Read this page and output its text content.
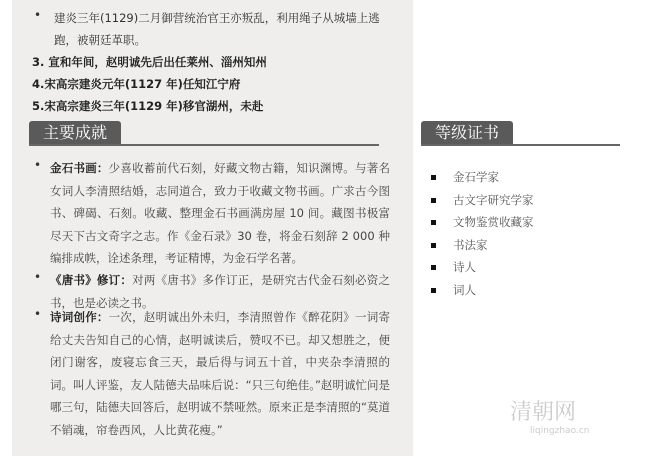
• 建炎三年(1129)二月御营统治官王亦叛乱，利用绳子从城墙上逃
跑，被朝廷革职。
3. 宣和年间，赵明诚先后出任莱州、淄州知州
4.宋高宗建炎元年(1127 年)任知江宁府
5.宋高宗建炎三年(1129 年)移官湖州，未赴
主要成就
• 金石书画：少喜收蓄前代石刻，好藏文物古籍，知识渊博。与著名女词人李清照结婚，志同道合，致力于收藏文物书画。广求古今图书、碑碣、石刻。收藏、整理金石书画满房屋 10 间。藏图书极富尽天下古文奇字之志。作《金石录》30 卷，将金石刻辞 2 000 种编排成帙，诠述条理，考证精博，为金石学名著。
• 《唐书》修订：对两《唐书》多作订正，是研究古代金石刻必资之书，也是必读之书。
• 诗词创作：一次，赵明诚出外未归，李清照曾作《醉花阴》一词寄给丈夫告知自己的心情，赵明诚读后，赞叹不已。却又想胜之，便闭门谢客，废寝忘食三天，最后得与词五十首，中夹杂李清照的词。叫人评鉴，友人陆德夫品味后说：“只三句绝佳。”赵明诚忙问是哪三句，陆德夫回答后，赵明诚不禁哑然。原来正是李清照的“莫道不销魂，帘卷西风，人比黄花瘦。”
等级证书
金石学家
古文字研究学家
文物鉴赏收藏家
书法家
诗人
词人
清朝网
liqingzhao.cn
